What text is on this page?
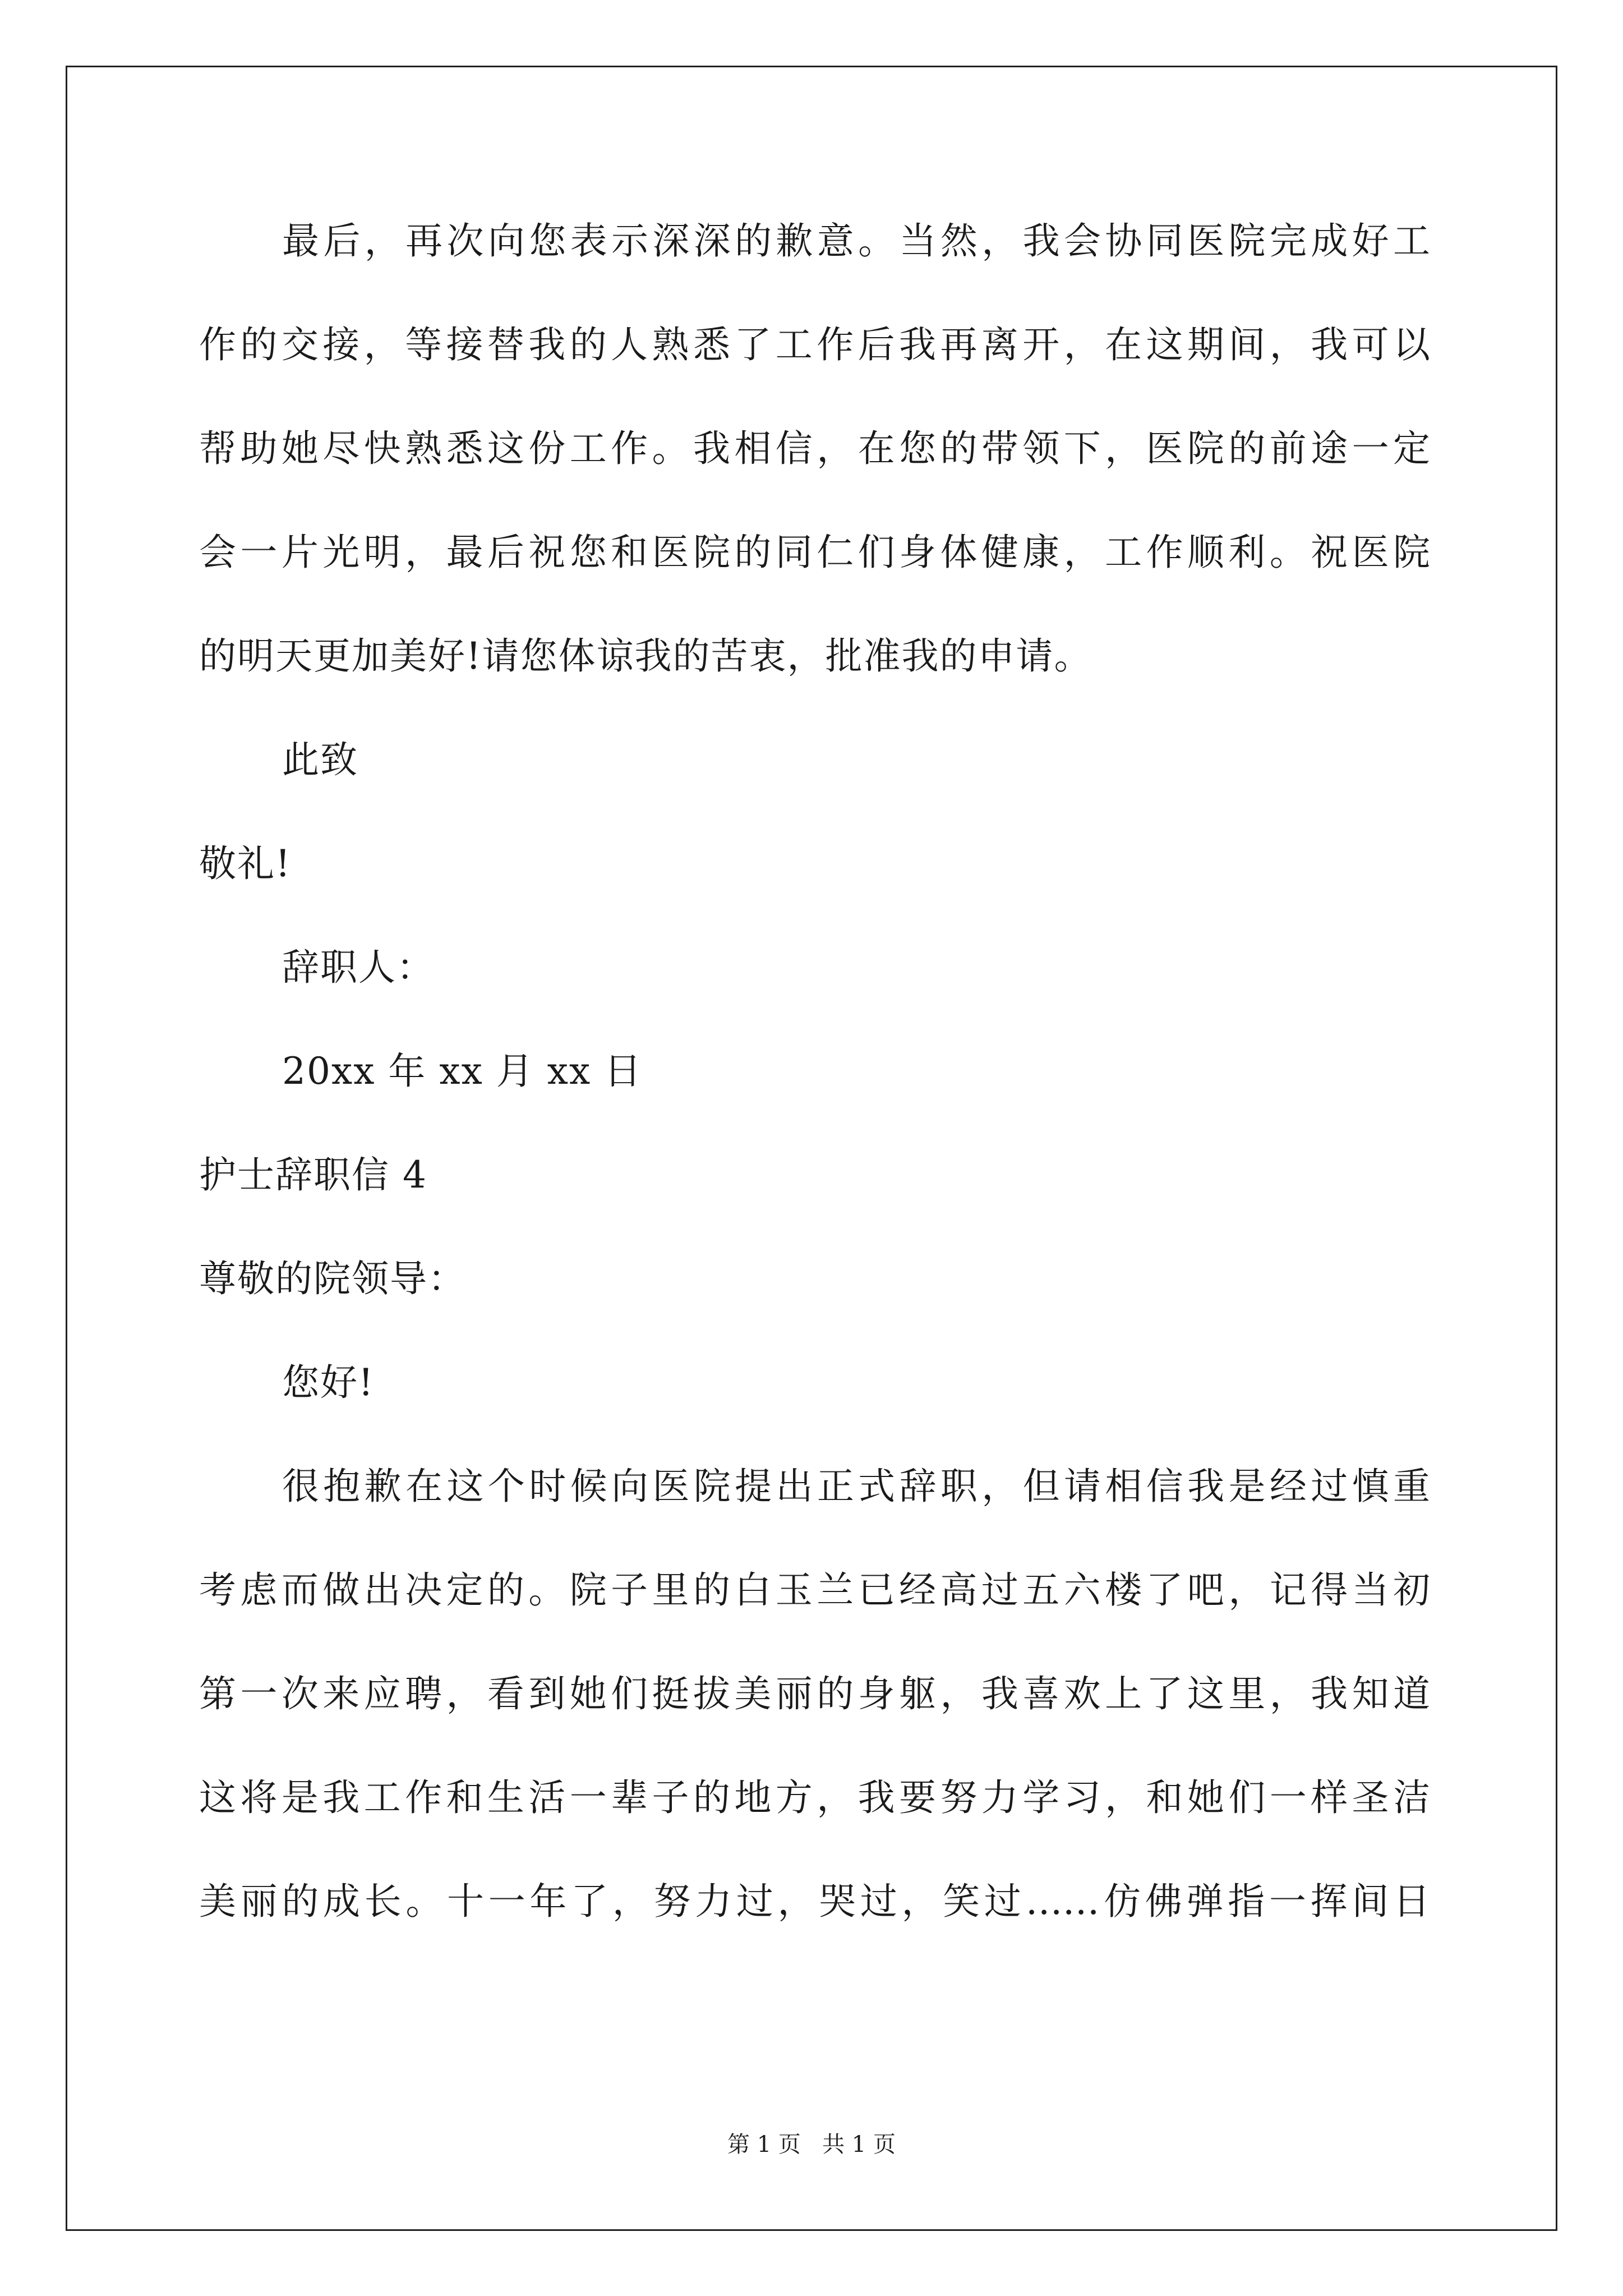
最后，再次向您表示深深的歉意。当然，我会协同医院完成好工
作的交接，等接替我的人熟悉了工作后我再离开，在这期间，我可以
帮助她尽快熟悉这份工作。我相信，在您的带领下，医院的前途一定
会一片光明，最后祝您和医院的同仁们身体健康，工作顺利。祝医院
的明天更加美好!请您体谅我的苦衷，批准我的申请。
此致
敬礼!
辞职人：
20xx 年 xx 月 xx 日
护士辞职信 4
尊敬的院领导：
您好!
很抱歉在这个时候向医院提出正式辞职，但请相信我是经过慎重
考虑而做出决定的。院子里的白玉兰已经高过五六楼了吧，记得当初
第一次来应聘，看到她们挺拔美丽的身躯，我喜欢上了这里，我知道
这将是我工作和生活一辈子的地方，我要努力学习，和她们一样圣洁
美丽的成长。十一年了，努力过，哭过，笑过……仿佛弹指一挥间日
第 1 页   共 1 页
